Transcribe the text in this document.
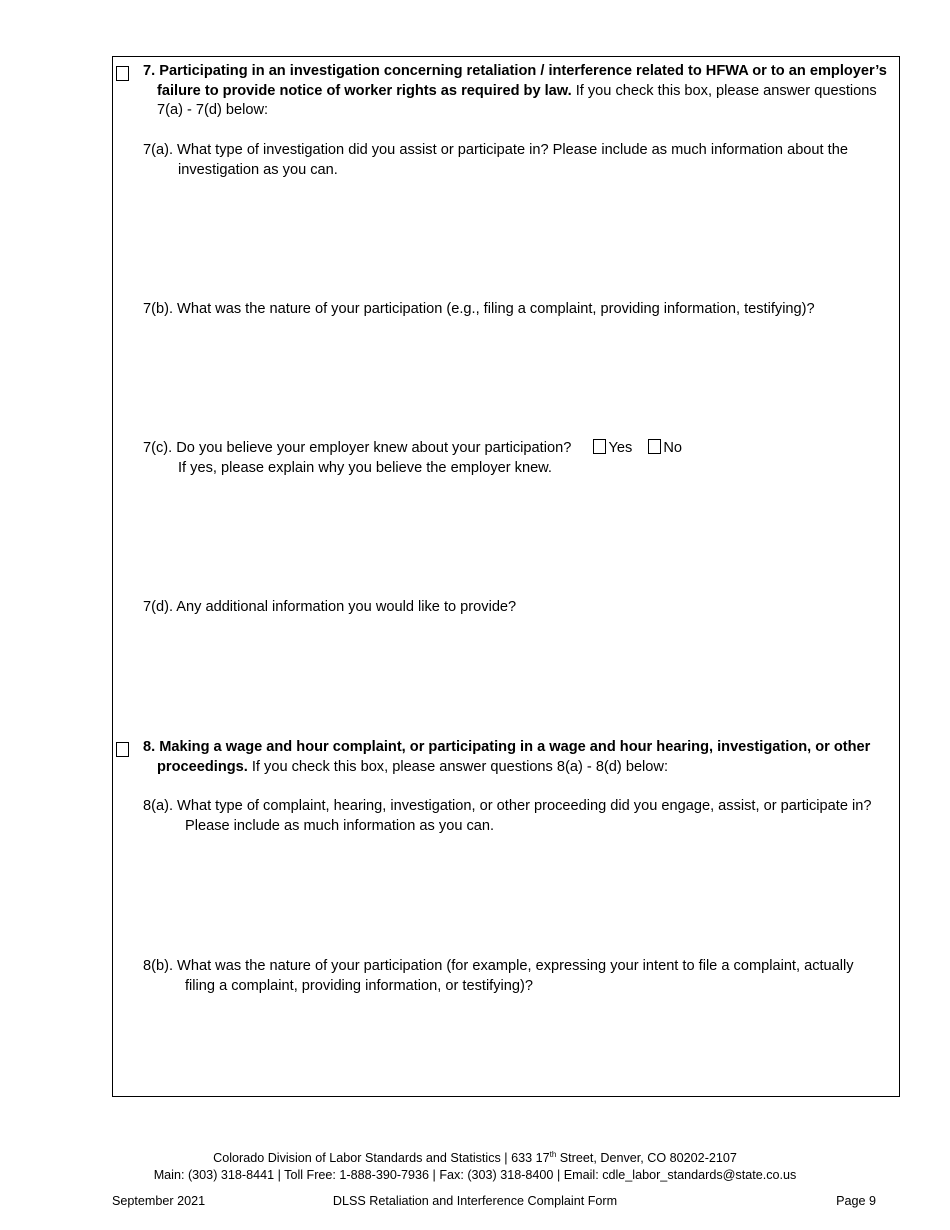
7. Participating in an investigation concerning retaliation / interference related to HFWA or to an employer’s
failure to provide notice of worker rights as required by law. If you check this box, please answer questions
7(a) - 7(d) below:
7(a). What type of investigation did you assist or participate in? Please include as much information about the
investigation as you can.
7(b). What was the nature of your participation (e.g., filing a complaint, providing information, testifying)?
7(c). Do you believe your employer knew about your participation?	Yes No
If yes, please explain why you believe the employer knew.
7(d). Any additional information you would like to provide?
8. Making a wage and hour complaint, or participating in a wage and hour hearing, investigation, or other
proceedings. If you check this box, please answer questions 8(a) - 8(d) below:
8(a). What type of complaint, hearing, investigation, or other proceeding did you engage, assist, or participate in?
Please include as much information as you can.
8(b). What was the nature of your participation (for example, expressing your intent to file a complaint, actually
filing a complaint, providing information, or testifying)?
Colorado Division of Labor Standards and Statistics | 633 17th Street, Denver, CO 80202-2107
Main: (303) 318-8441 | Toll Free: 1-888-390-7936 | Fax: (303) 318-8400 | Email: cdle_labor_standards@state.co.us
September 2021	DLSS Retaliation and Interference Complaint Form	Page 9
